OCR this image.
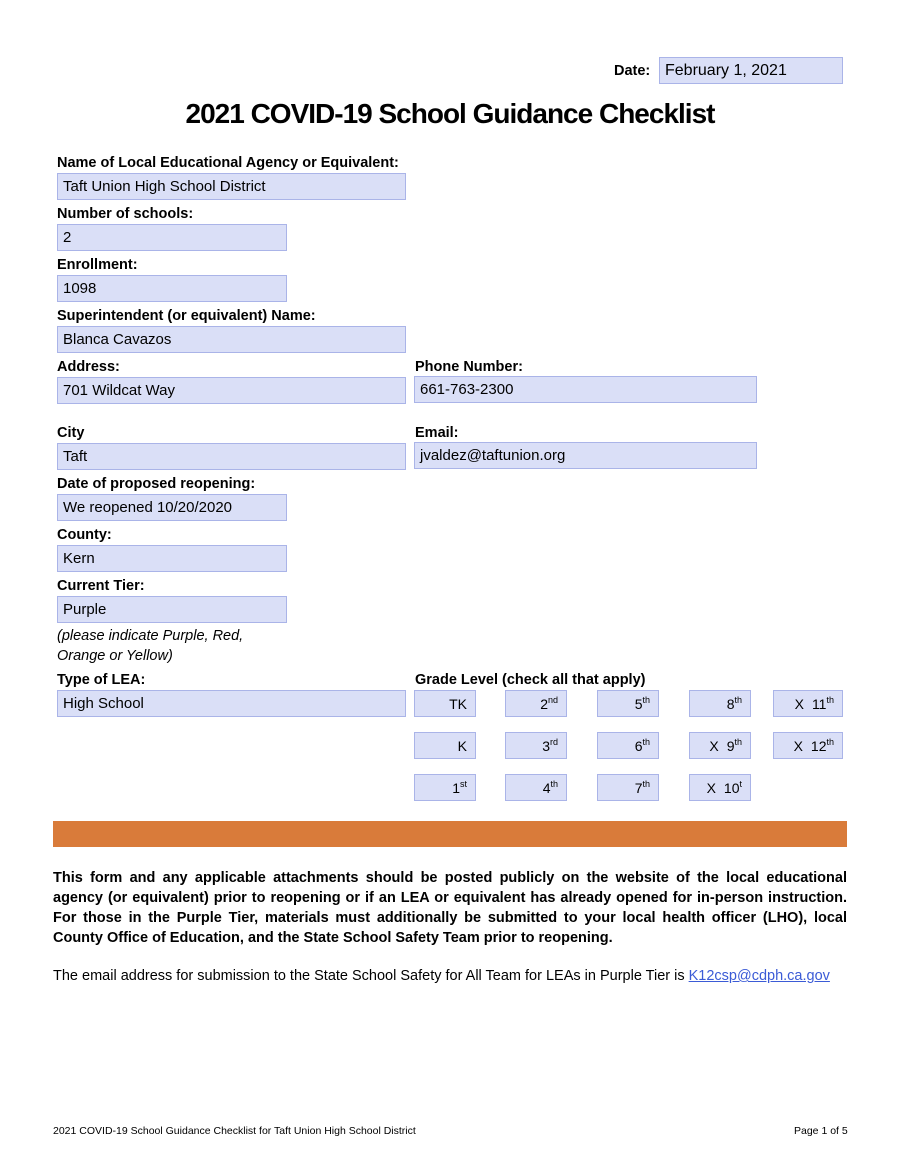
Date: February 1, 2021
2021 COVID-19 School Guidance Checklist
Name of Local Educational Agency or Equivalent:
Taft Union High School District
Number of schools:
2
Enrollment:
1098
Superintendent (or equivalent) Name:
Blanca Cavazos
Address:
701 Wildcat Way
Phone Number:
661-763-2300
City
Taft
Email:
jvaldez@taftunion.org
Date of proposed reopening:
We reopened 10/20/2020
County:
Kern
Current Tier:
Purple
(please indicate Purple, Red,
Orange or Yellow)
Type of LEA:
High School
Grade Level (check all that apply)
TK	2nd	5th	8th	X 11th
K	3rd	6th	X 9th	X 12th
1st	4th	7th	X 10$^t$
This form and any applicable attachments should be posted publicly on the website of the local educational agency (or equivalent) prior to reopening or if an LEA or equivalent has already opened for in-person instruction. For those in the Purple Tier, materials must additionally be submitted to your local health officer (LHO), local County Office of Education, and the State School Safety Team prior to reopening.
The email address for submission to the State School Safety for All Team for LEAs in Purple Tier is K12csp@cdph.ca.gov
2021 COVID-19 School Guidance Checklist for Taft Union High School District	Page 1 of 5
